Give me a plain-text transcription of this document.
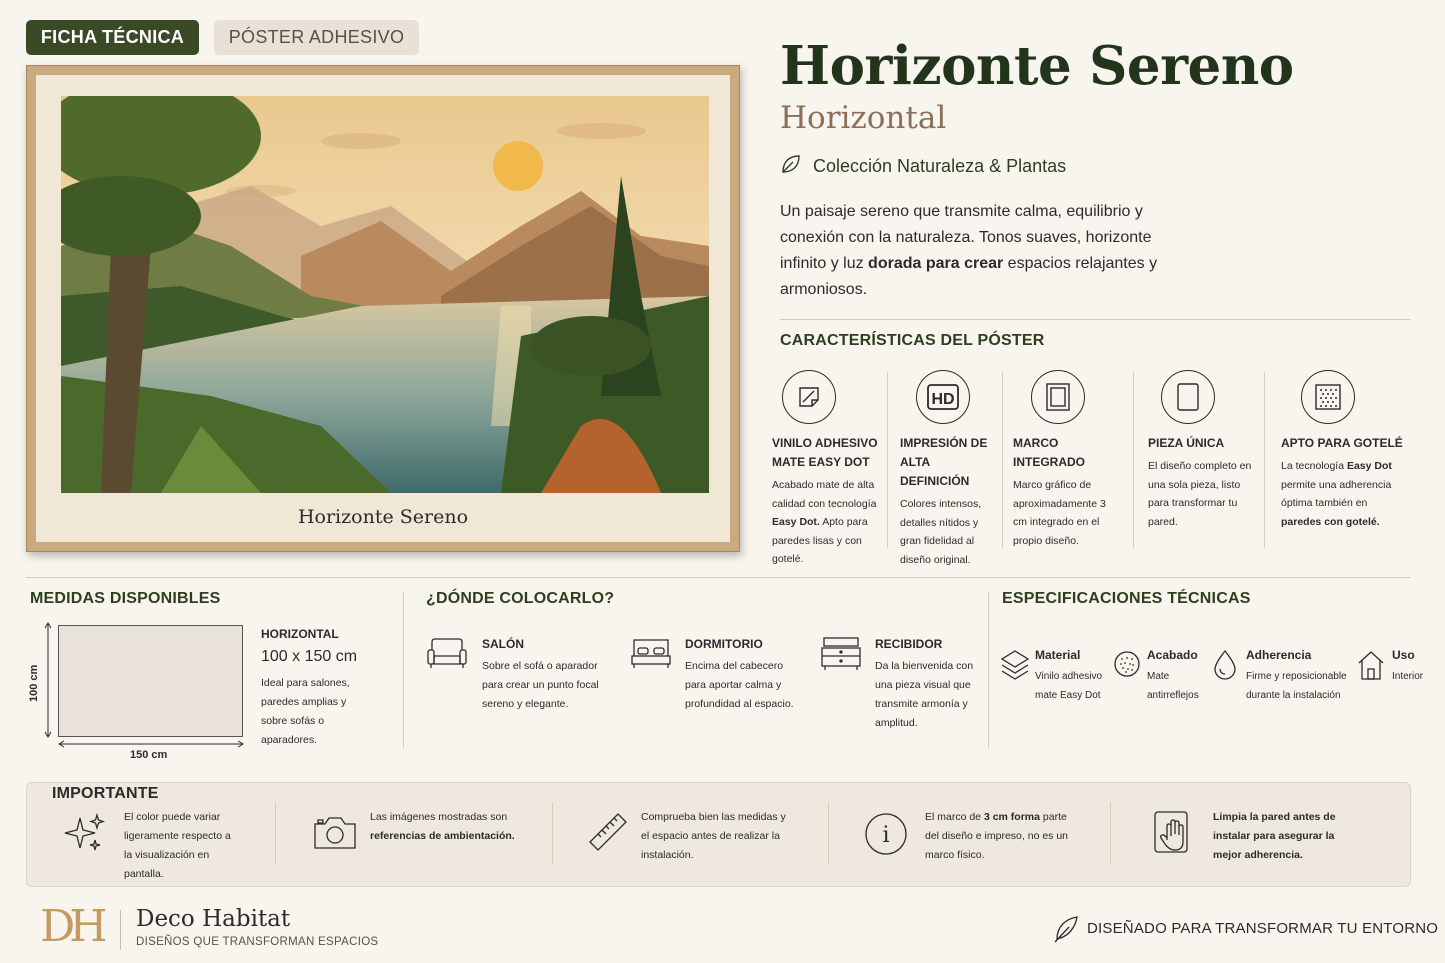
FICHA TÉCNICA	PÓSTER ADHESIVO
Horizonte Sereno
Horizonte Sereno
Horizontal
Colección Naturaleza & Plantas
Un paisaje sereno que transmite calma, equilibrio y conexión con la naturaleza. Tonos suaves, horizonte infinito y luz dorada para crear espacios relajantes y armoniosos.
CARACTERÍSTICAS DEL PÓSTER
VINILO ADHESIVO MATE EASY DOT
Acabado mate de alta calidad con tecnología Easy Dot. Apto para paredes lisas y con gotelé.
HD
IMPRESIÓN DE ALTA DEFINICIÓN
Colores intensos, detalles nítidos y gran fidelidad al diseño original.
MARCO INTEGRADO
Marco gráfico de aproximadamente 3 cm integrado en el propio diseño.
PIEZA ÚNICA
El diseño completo en una sola pieza, listo para transformar tu pared.
APTO PARA GOTELÉ
La tecnología Easy Dot permite una adherencia óptima también en paredes con gotelé.
MEDIDAS DISPONIBLES
100 cm
150 cm
HORIZONTAL
100 x 150 cm
Ideal para salones, paredes amplias y sobre sofás o aparadores.
¿DÓNDE COLOCARLO?
SALÓN
Sobre el sofá o aparador para crear un punto focal sereno y elegante.
DORMITORIO
Encima del cabecero para aportar calma y profundidad al espacio.
RECIBIDOR
Da la bienvenida con una pieza visual que transmite armonía y amplitud.
ESPECIFICACIONES TÉCNICAS
Material
Vinilo adhesivo mate Easy Dot
Acabado
Mate antirreflejos
Adherencia
Firme y reposicionable durante la instalación
Uso
Interior
IMPORTANTE
El color puede variar ligeramente respecto a la visualización en pantalla.
Las imágenes mostradas son referencias de ambientación.
Comprueba bien las medidas y el espacio antes de realizar la instalación.
i
El marco de 3 cm forma parte del diseño e impreso, no es un marco físico.
Limpia la pared antes de instalar para asegurar la mejor adherencia.
DH Deco Habitat
DISEÑOS QUE TRANSFORMAN ESPACIOS
DISEÑADO PARA TRANSFORMAR TU ENTORNO
